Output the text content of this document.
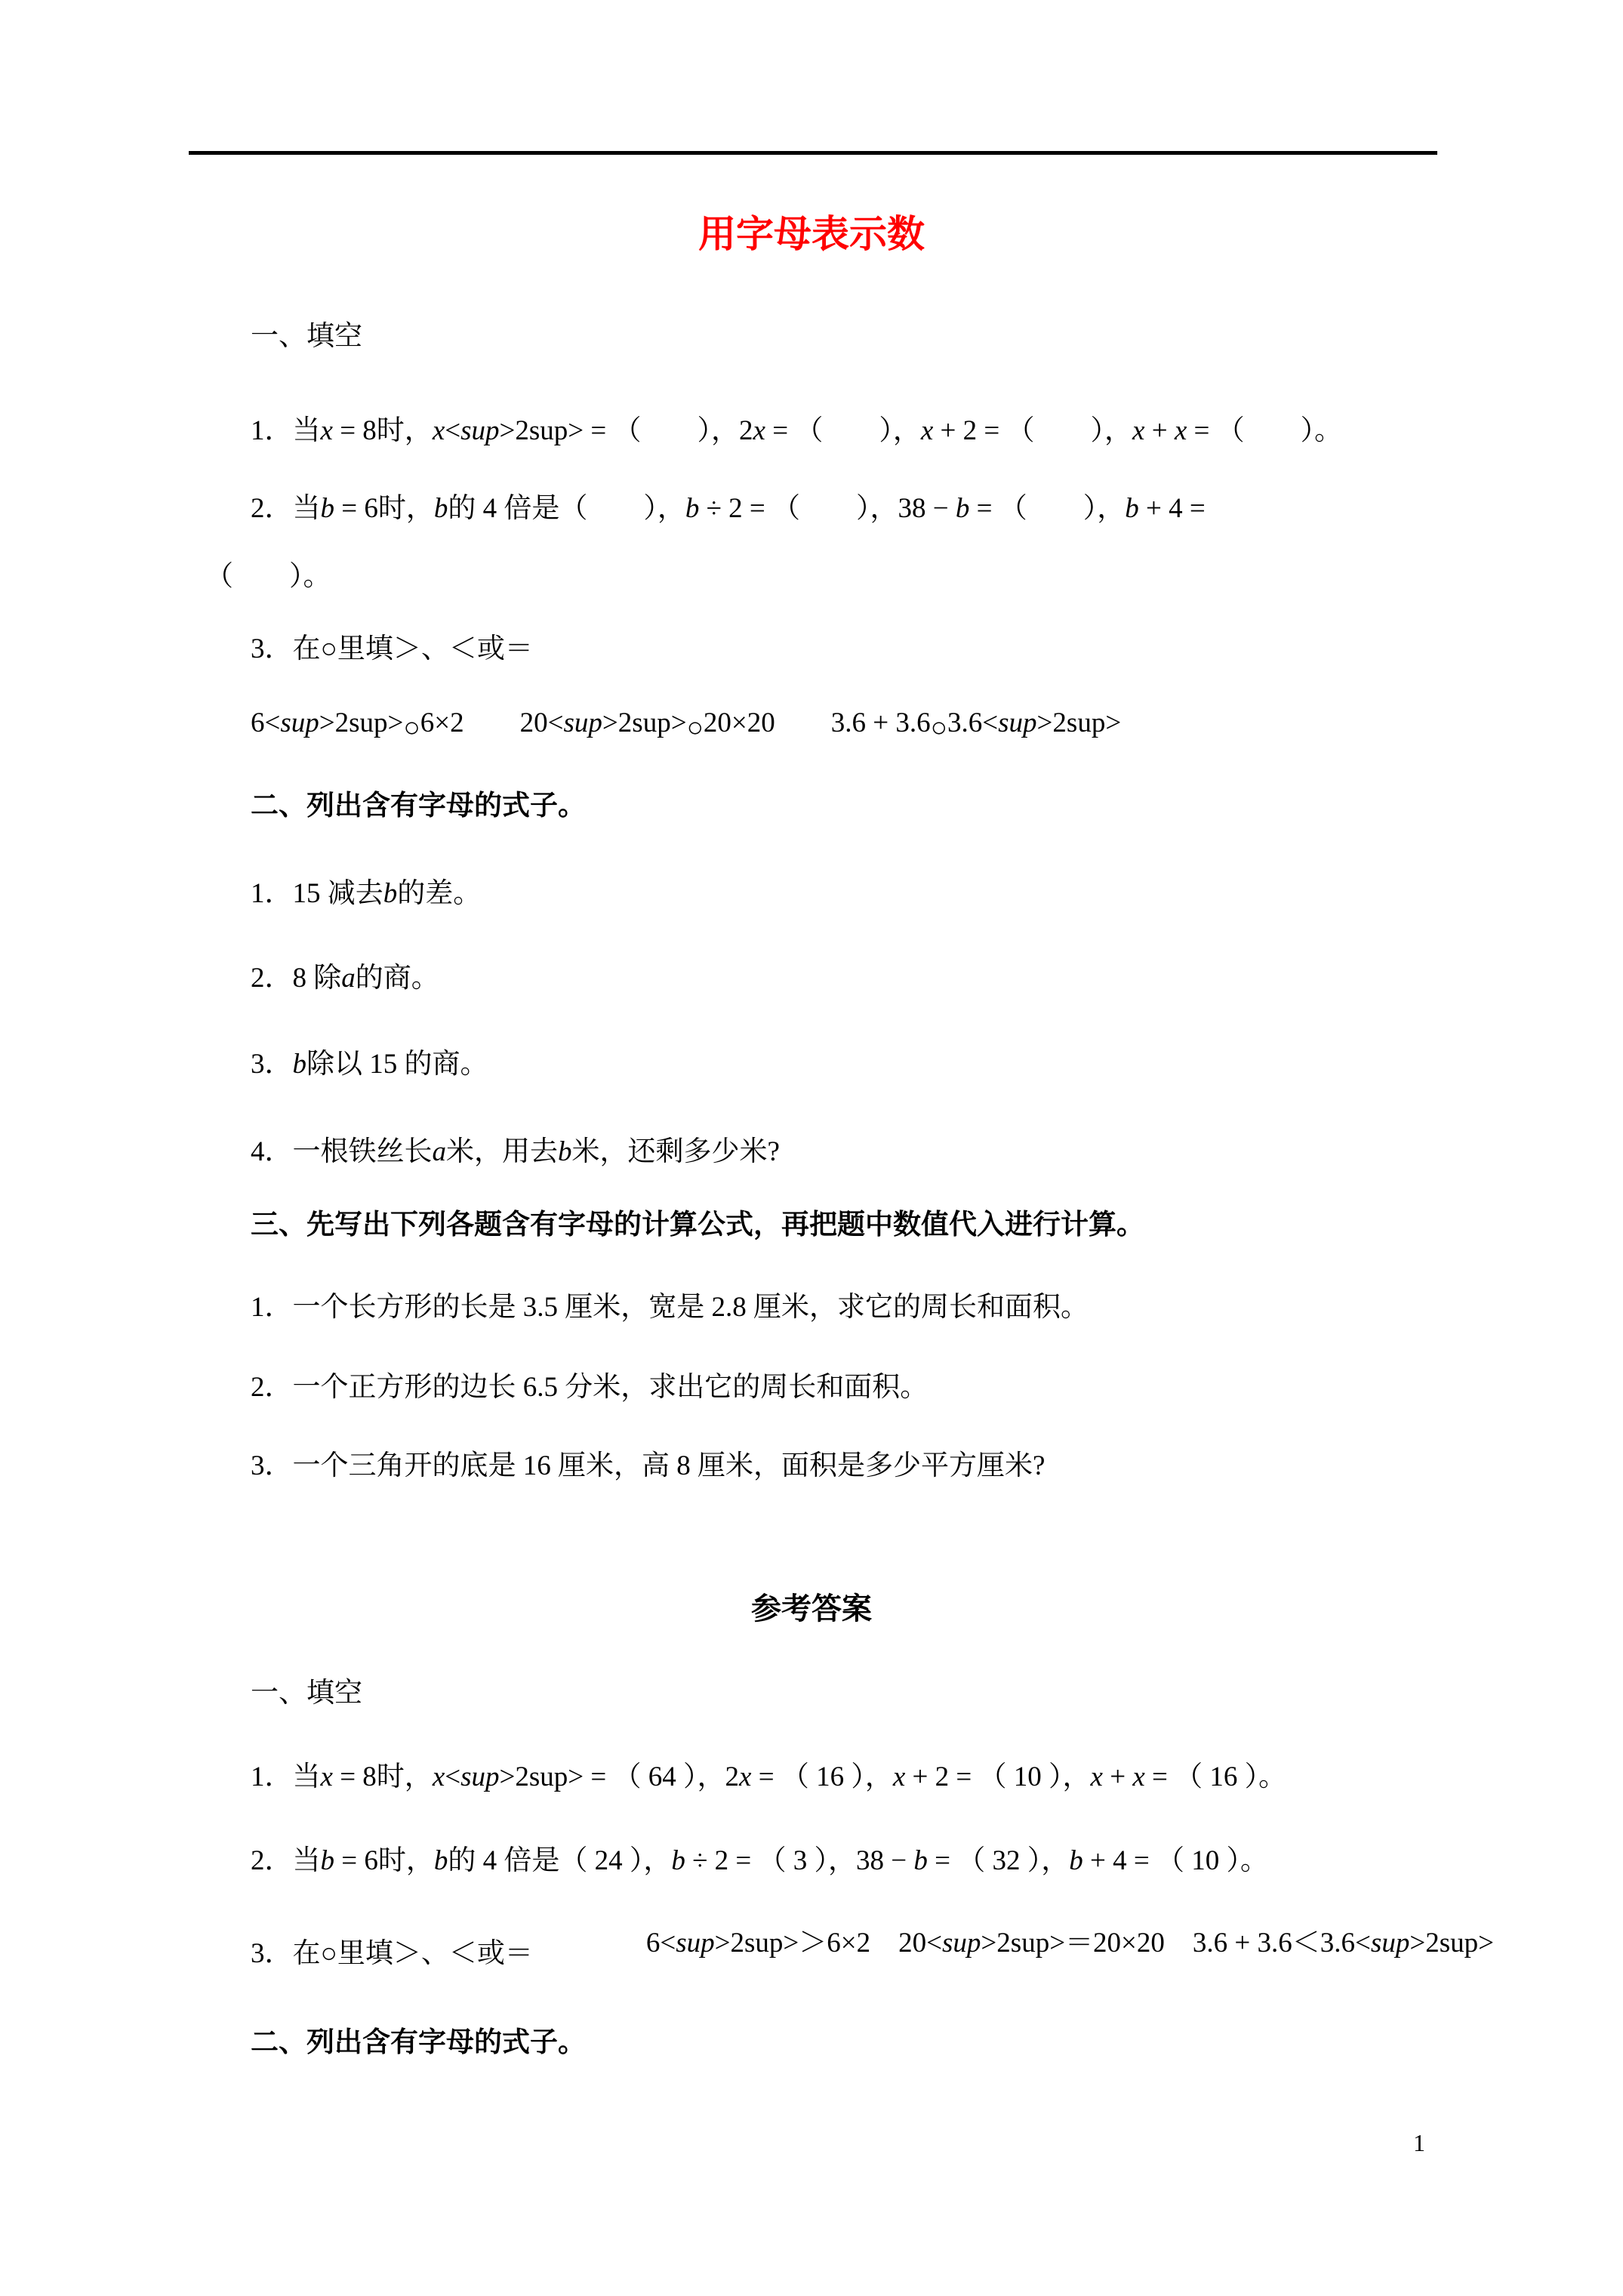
用字母表示数
一、填空
1．当x = 8时，x<sup>2sup> = （　　），2x = （　　），x + 2 = （　　），x + x = （　　）。
2．当b = 6时，b的 4 倍是（　　），b ÷ 2 = （　　），38 − b = （　　），b + 4 =
（　　）。
3．在○里填＞、＜或＝
6<sup>2sup>○6×2　　20<sup>2sup>○20×20　　3.6 + 3.6○3.6<sup>2sup>
二、列出含有字母的式子。
1．15 减去b的差。
2．8 除a的商。
3．b除以 15 的商。
4．一根铁丝长a米，用去b米，还剩多少米?
三、先写出下列各题含有字母的计算公式，再把题中数值代入进行计算。
1．一个长方形的长是 3.5 厘米，宽是 2.8 厘米，求它的周长和面积。
2．一个正方形的边长 6.5 分米，求出它的周长和面积。
3．一个三角开的底是 16 厘米，高 8 厘米，面积是多少平方厘米?
参考答案
一、填空
1．当x = 8时，x<sup>2sup> = （ 64 ），2x = （ 16 ），x + 2 = （ 10 ），x + x = （ 16 ）。
2．当b = 6时，b的 4 倍是（ 24 ），b ÷ 2 = （ 3 ），38 − b = （ 32 ），b + 4 = （ 10 ）。
3．在○里填＞、＜或＝	6<sup>2sup>＞6×2　20<sup>2sup>＝20×20　3.6 + 3.6＜3.6<sup>2sup>
二、列出含有字母的式子。
1
